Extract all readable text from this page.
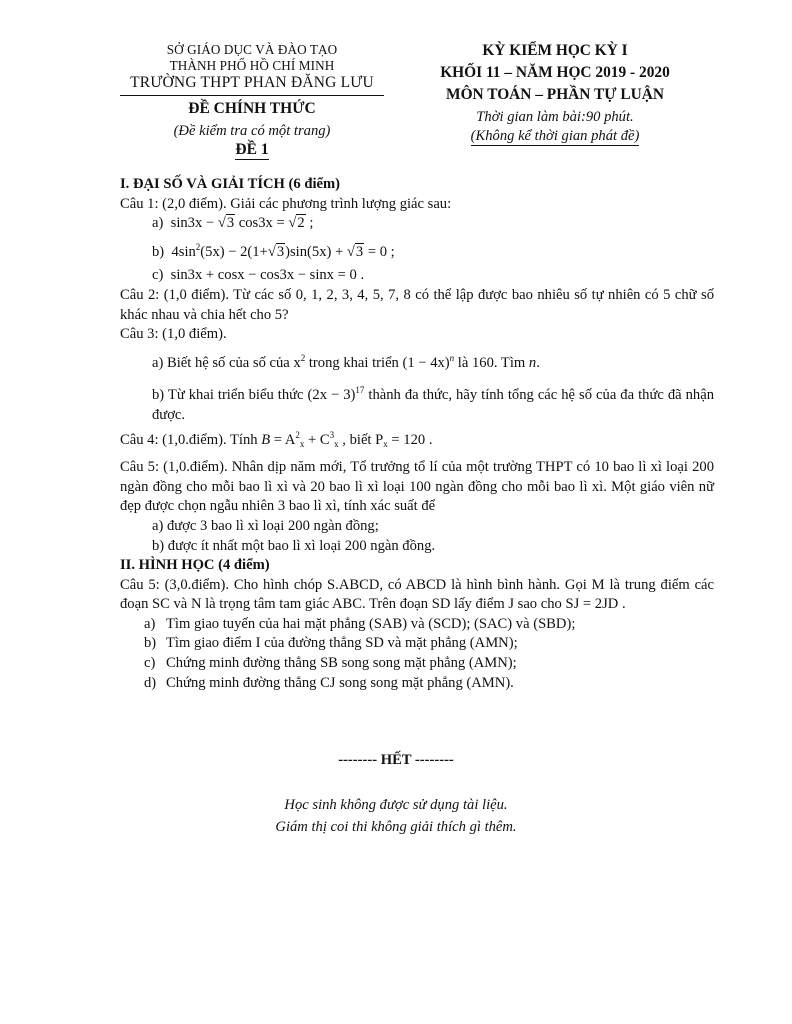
SỞ GIÁO DỤC VÀ ĐÀO TẠO
THÀNH PHỐ HỒ CHÍ MINH
TRƯỜNG THPT PHAN ĐĂNG LƯU
ĐỀ CHÍNH THỨC
(Đề kiểm tra có một trang)
ĐỀ 1
KỲ KIỂM HỌC KỲ I
KHỐI 11 – NĂM HỌC 2019 - 2020
MÔN TOÁN – PHẦN TỰ LUẬN
Thời gian làm bài:90 phút.
(Không kể thời gian phát đề)
I. ĐẠI SỐ VÀ GIẢI TÍCH (6 điểm)
Câu 1: (2,0 điểm). Giải các phương trình lượng giác sau:
a) sin3x − √3 cos3x = √2 ;
b) $4\sin^2(5x) - 2(1+√3)\sin(5x) + √3 = 0$ ;
c) sin3x + cosx − cos3x − sinx = 0 .
Câu 2: (1,0 điểm). Từ các số 0, 1, 2, 3, 4, 5, 7, 8 có thể lập được bao nhiêu số tự nhiên có 5 chữ số khác nhau và chia hết cho 5?
Câu 3: (1,0 điểm).
a) Biết hệ số của số của $x^2$ trong khai triển $(1 - 4x)^n$ là 160. Tìm n.
b) Từ khai triển biểu thức $(2x - 3)^{17}$ thành đa thức, hãy tính tổng các hệ số của đa thức đã nhận được.
Câu 4: (1,0.điểm). Tính $B = A^2_x + C^3_x$ , biết $P_x = 120$ .
Câu 5: (1,0.điểm). Nhân dịp năm mới, Tổ trưởng tổ lí của một trường THPT có 10 bao lì xì loại 200 ngàn đồng cho mỗi bao lì xì và 20 bao lì xì loại 100 ngàn đồng cho mỗi bao lì xì. Một giáo viên nữ đẹp được chọn ngẫu nhiên 3 bao lì xì, tính xác suất để
a) được 3 bao lì xì loại 200 ngàn đồng;
b) được ít nhất một bao lì xì loại 200 ngàn đồng.
II. HÌNH HỌC (4 điểm)
Câu 5: (3,0.điểm). Cho hình chóp S.ABCD, có ABCD là hình bình hành. Gọi M là trung điểm các đoạn SC và N là trọng tâm tam giác ABC. Trên đoạn SD lấy điểm J sao cho SJ = 2JD .
a) Tìm giao tuyến của hai mặt phẳng (SAB) và (SCD); (SAC) và (SBD);
b) Tìm giao điểm I của đường thẳng SD và mặt phẳng (AMN);
c) Chứng minh đường thẳng SB song song mặt phẳng (AMN);
d) Chứng minh đường thẳng CJ song song mặt phẳng (AMN).
-------- HẾT --------
Học sinh không được sử dụng tài liệu.
Giám thị coi thi không giải thích gì thêm.
